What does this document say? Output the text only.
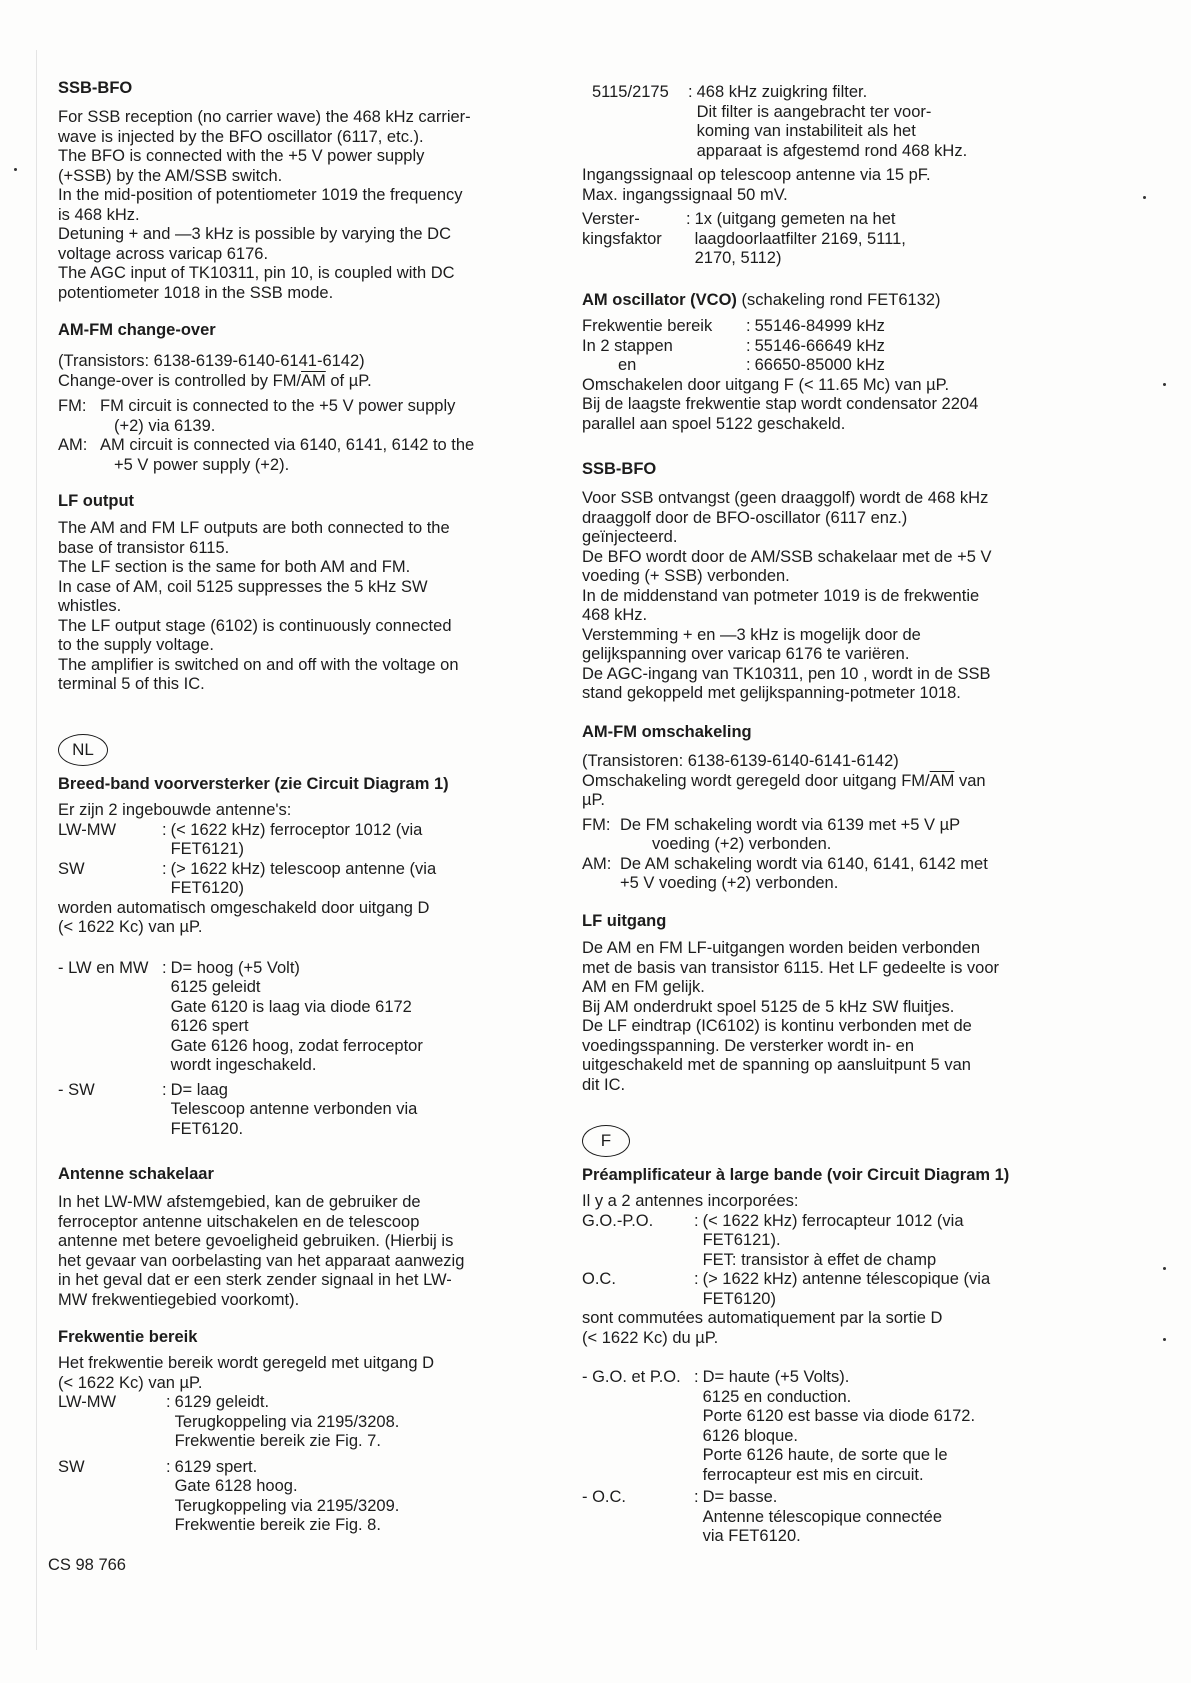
SSB-BFO

For SSB reception (no carrier wave) the 468 kHz carrier-

wave is injected by the BFO oscillator (6117, etc.).

The BFO is connected with the +5 V power supply

(+SSB) by the AM/SSB switch.

In the mid-position of potentiometer 1019 the frequency

is 468 kHz.

Detuning + and —3 kHz is possible by varying the DC

voltage across varicap 6176.

The AGC input of TK10311, pin 10, is coupled with DC

potentiometer 1018 in the SSB mode.

AM-FM change-over

(Transistors: 6138-6139-6140-6141-6142)

Change-over is controlled by $FM/\overline{AM}$ of µP.

FM: FM circuit is connected to the +5 V power supply
(+2) via 6139.
AM: AM circuit is connected via 6140, 6141, 6142 to the
+5 V power supply (+2).
LF output

The AM and FM LF outputs are both connected to the

base of transistor 6115.

The LF section is the same for both AM and FM.

In case of AM, coil 5125 suppresses the 5 kHz SW

whistles.

The LF output stage (6102) is continuously connected

to the supply voltage.

The amplifier is switched on and off with the voltage on

terminal 5 of this IC.

NL
Breed-band voorversterker (zie Circuit Diagram 1)

Er zijn 2 ingebouwde antenne's:

LW-MW	: (< 1622 kHz) ferroceptor 1012 (via
FET6121)
SW	: (> 1622 kHz) telescoop antenne (via
FET6120)

worden automatisch omgeschakeld door uitgang D

(< 1622 Kc) van µP.

- LW en MW : D= hoog (+5 Volt)
6125 geleidt
Gate 6120 is laag via diode 6172
6126 spert
Gate 6126 hoog, zodat ferroceptor
wordt ingeschakeld.
- SW	: D= laag
Telescoop antenne verbonden via
FET6120.
Antenne schakelaar

In het LW-MW afstemgebied, kan de gebruiker de

ferroceptor antenne uitschakelen en de telescoop

antenne met betere gevoeligheid gebruiken. (Hierbij is

het gevaar van oorbelasting van het apparaat aanwezig

in het geval dat er een sterk zender signaal in het LW-

MW frekwentiegebied voorkomt).

Frekwentie bereik

Het frekwentie bereik wordt geregeld met uitgang D

(< 1622 Kc) van µP.

LW-MW	: 6129 geleidt.
Terugkoppeling via 2195/3208.
Frekwentie bereik zie Fig. 7.
SW	: 6129 spert.
Gate 6128 hoog.
Terugkoppeling via 2195/3209.
Frekwentie bereik zie Fig. 8.
5115/2175	: 468 kHz zuigkring filter.
Dit filter is aangebracht ter voor-
koming van instabiliteit als het
apparaat is afgestemd rond 468 kHz.

Ingangssignaal op telescoop antenne via 15 pF.

Max. ingangssignaal 50 mV.

Verster-
kingsfaktor
: 1x (uitgang gemeten na het
laagdoorlaatfilter 2169, 5111,
2170, 5112)
AM oscillator (VCO) (schakeling rond FET6132)
Frekwentie bereik	: 55146-84999 kHz
In 2 stappen	: 55146-66649 kHz
en	: 66650-85000 kHz

Omschakelen door uitgang F (< 11.65 Mc) van µP.

Bij de laagste frekwentie stap wordt condensator 2204

parallel aan spoel 5122 geschakeld.

SSB-BFO

Voor SSB ontvangst (geen draaggolf) wordt de 468 kHz

draaggolf door de BFO-oscillator (6117 enz.)

geïnjecteerd.

De BFO wordt door de AM/SSB schakelaar met de +5 V

voeding (+ SSB) verbonden.

In de middenstand van potmeter 1019 is de frekwentie

468 kHz.

Verstemming + en —3 kHz is mogelijk door de

gelijkspanning over varicap 6176 te variëren.

De AGC-ingang van TK10311, pen 10 , wordt in de SSB

stand gekoppeld met gelijkspanning-potmeter 1018.

AM-FM omschakeling

(Transistoren: 6138-6139-6140-6141-6142)

Omschakeling wordt geregeld door uitgang $FM/\overline{AM}$ van

µP.

FM: De FM schakeling wordt via 6139 met +5 V µP
voeding (+2) verbonden.
AM: De AM schakeling wordt via 6140, 6141, 6142 met
+5 V voeding (+2) verbonden.
LF uitgang

De AM en FM LF-uitgangen worden beiden verbonden

met de basis van transistor 6115. Het LF gedeelte is voor

AM en FM gelijk.

Bij AM onderdrukt spoel 5125 de 5 kHz SW fluitjes.

De LF eindtrap (IC6102) is kontinu verbonden met de

voedingsspanning. De versterker wordt in- en

uitgeschakeld met de spanning op aansluitpunt 5 van

dit IC.

F
Préamplificateur à large bande (voir Circuit Diagram 1)

Il y a 2 antennes incorporées:

G.O.-P.O.	: (< 1622 kHz) ferrocapteur 1012 (via
FET6121).
FET: transistor à effet de champ
O.C.	: (> 1622 kHz) antenne télescopique (via
FET6120)

sont commutées automatiquement par la sortie D

(< 1622 Kc) du µP.

- G.O. et P.O. : D= haute (+5 Volts).
6125 en conduction.
Porte 6120 est basse via diode 6172.
6126 bloque.
Porte 6126 haute, de sorte que le
ferrocapteur est mis en circuit.
- O.C.	: D= basse.
Antenne télescopique connectée
via FET6120.
CS 98 766
